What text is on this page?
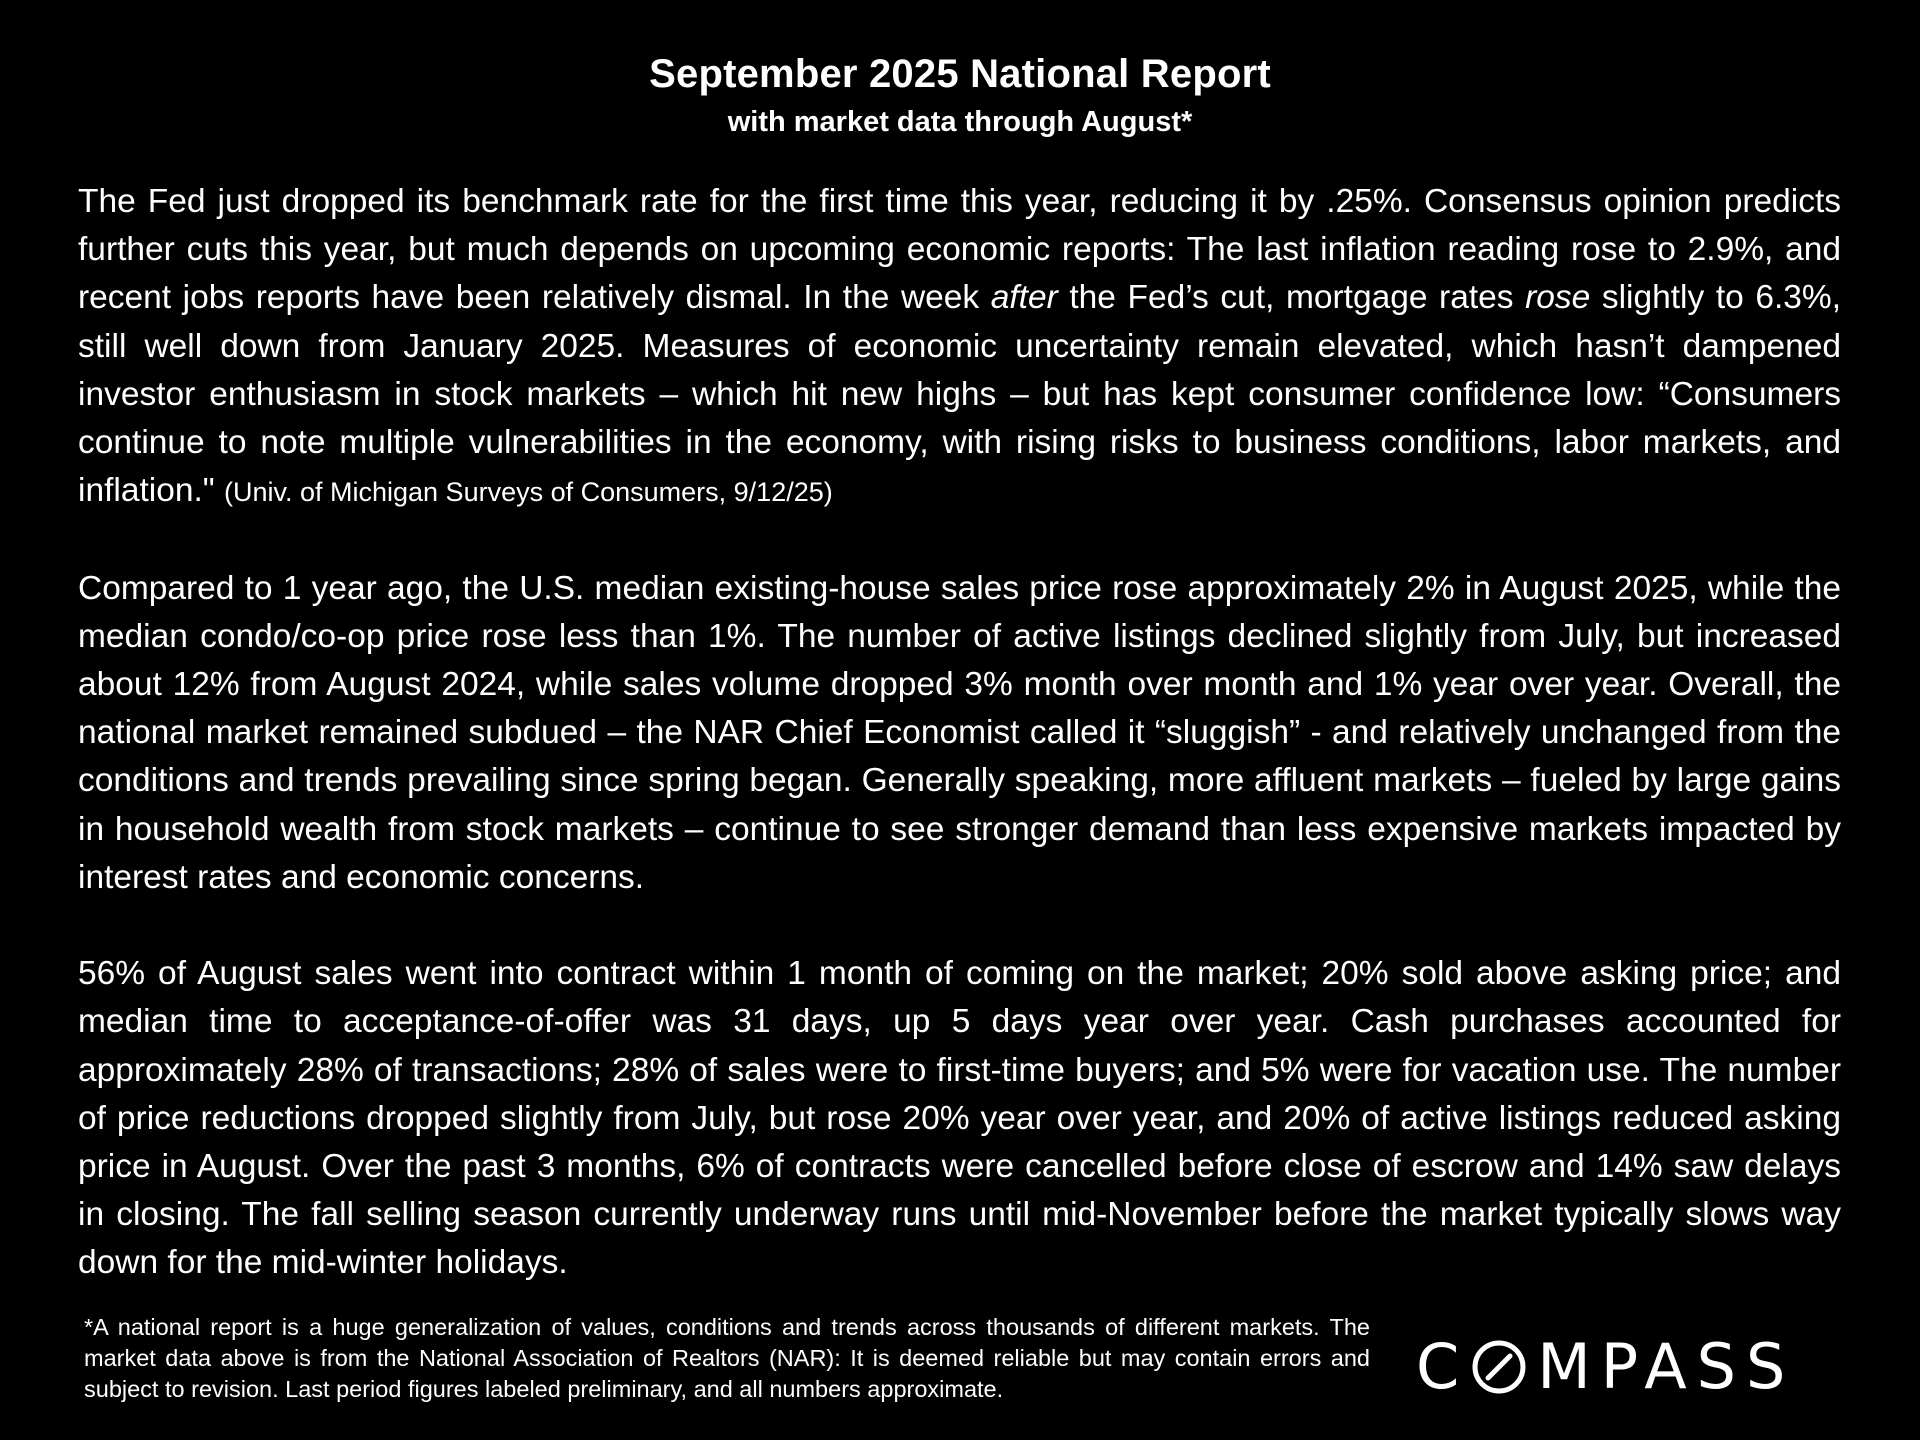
September 2025 National Report
with market data through August*

The Fed just dropped its benchmark rate for the first time this year, reducing it by .25%. Consensus opinion predicts further cuts this year, but much depends on upcoming economic reports: The last inflation reading rose to 2.9%, and recent jobs reports have been relatively dismal. In the week after the Fed’s cut, mortgage rates rose slightly to 6.3%, still well down from January 2025. Measures of economic uncertainty remain elevated, which hasn’t dampened investor enthusiasm in stock markets – which hit new highs – but has kept consumer confidence low: “Consumers continue to note multiple vulnerabilities in the economy, with rising risks to business conditions, labor markets, and inflation." (Univ. of Michigan Surveys of Consumers, 9/12/25)

Compared to 1 year ago, the U.S. median existing-house sales price rose approximately 2% in August 2025, while the median condo/co-op price rose less than 1%. The number of active listings declined slightly from July, but increased about 12% from August 2024, while sales volume dropped 3% month over month and 1% year over year. Overall, the national market remained subdued – the NAR Chief Economist called it “sluggish” - and relatively unchanged from the conditions and trends prevailing since spring began. Generally speaking, more affluent markets – fueled by large gains in household wealth from stock markets – continue to see stronger demand than less expensive markets impacted by interest rates and economic concerns.

56% of August sales went into contract within 1 month of coming on the market; 20% sold above asking price; and median time to acceptance-of-offer was 31 days, up 5 days year over year. Cash purchases accounted for approximately 28% of transactions; 28% of sales were to first-time buyers; and 5% were for vacation use. The number of price reductions dropped slightly from July, but rose 20% year over year, and 20% of active listings reduced asking price in August. Over the past 3 months, 6% of contracts were cancelled before close of escrow and 14% saw delays in closing. The fall selling season currently underway runs until mid-November before the market typically slows way down for the mid-winter holidays.

*A national report is a huge generalization of values, conditions and trends across thousands of different markets. The market data above is from the National Association of Realtors (NAR): It is deemed reliable but may contain errors and subject to revision. Last period figures labeled preliminary, and all numbers approximate.	C MPASS
